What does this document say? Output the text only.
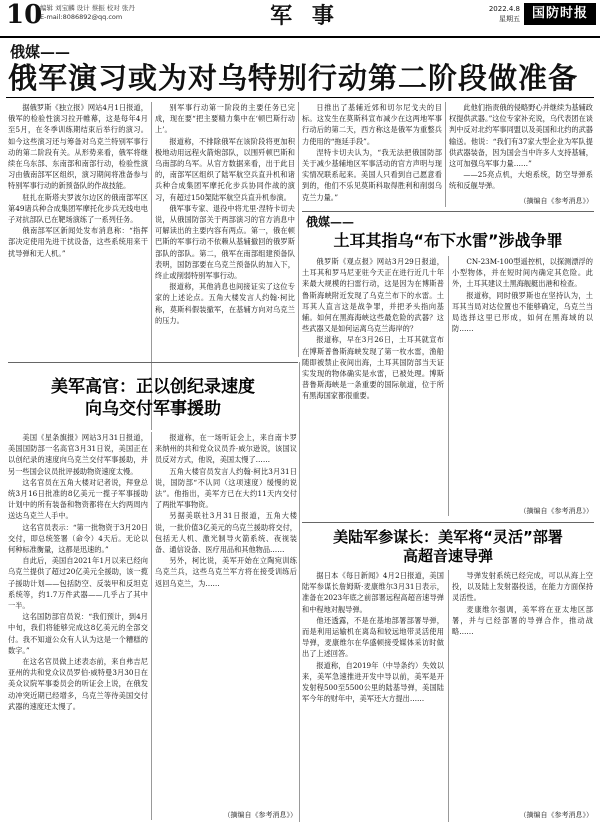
10
编辑 刘宝麟 设计 蔡振 校对 张丹
E-mail:8086892@qq.com	军 事	2022.4.8
星期五 国防时报
俄媒——
俄军演习或为对乌特别行动第二阶段做准备

据俄罗斯《独立报》网站4月1日报道，俄军的检验性演习拉开帷幕，这是每年4月至5月，在冬季训练期结束后举行的演习。如今这些演习还与筹备对乌克兰特别军事行动的第二阶段有关。从形势来看，俄军将继续在乌东部、东南部和南部行动，检验性演习由俄南部军区组织，演习期间将准备参与特别军事行动的新预备队的作战技能。

驻扎在斯塔夫罗波尔边区的俄南部军区第49诸兵种合成集团军摩托化步兵无线电电子对抗部队已在靶场演练了一系列任务。

俄南部军区新闻处发布消息称：“指挥部决定使用先进干扰设备，这些系统用来干扰导弹和无人机。”

别军事行动第一阶段的主要任务已完成，现在要“把主要精力集中在‘顿巴斯行动上’。

报道称，不排除俄军在该阶段将更加积极地动用远程火箭炮部队，以围歼顿巴斯和乌南部的乌军。从官方数据来看，出于此目的，南部军区组织了陆军航空兵直升机和诸兵种合成集团军摩托化步兵协同作战的演习，有超过150架陆军航空兵直升机参演。

俄军事专家、退役中将尤里·涅特卡切夫说，从俄国防部关于两部演习的官方消息中可解读出的主要内容有两点。第一，俄在顿巴斯的军事行动不依赖从基辅撤回的俄罗斯部队的部队。第二，俄军在南部组建预备队表明，国防部要在乌克兰预备队的加入下，终止或削弱特别军事行动。

报道称，其他消息也间接证实了这位专家的上述论点。五角大楼发言人约翰·柯比称，莫斯科假装撤军，在基辅方向对乌克兰的压力。

日推出了基辅近郊和切尔尼戈夫的目标。这发生在莫斯科宣布减少在这两地军事行动后的第二天，西方称这是俄军为重整兵力使用的“拖延手段”。

涅特卡切夫认为，“我无法把俄国防部关于减少基辅地区军事活动的官方声明与现实情况联系起来。美国人只看到自己愿意看到的，他们不乐见莫斯科取得胜利和削弱乌克兰力量。”

此他们指责俄的侵略野心并继续为基辅政权提供武器。”这位专家补充说，乌代表团在谈判中反对北约军事同盟以及美国和北约的武器输送。他说：“我们有37家大型企业为军队提供武器装备，因为国会当中许多人支持基辅，这可加强乌军事力量……”

——25亮点机，大炮系统，防空导弹系统和反舰导弹。

（摘编自《参考消息》）
俄媒——
土耳其指乌“布下水雷”涉战争罪

俄罗斯《观点报》网站3月29日报道，土耳其和罗马尼亚驻今天正在进行近几十年来最大规模的扫雷行动，这是因为在博斯普鲁斯海峡附近发现了乌克兰布下的水雷。土耳其人直言这是战争罪，并把矛头指向基辅。如何在黑海海峡这些最危险的武器？这些武器又是如何运离乌克兰海岸的？

报道称，早在3月26日，土耳其就宣布在博斯普鲁斯海峡发现了第一枚水雷，渔船随即被禁止夜间出海，土耳其国防部当天证实发现的物体确实是水雷，已被处理。博斯普鲁斯海峡是一条重要的国际航道，位于所有黑海国家都很重要。

CN-23M-100型遥控机，以探测漂浮的小型物体，并在短时间内确定其危险。此外，土耳其建议土黑海舰艇出港和检查。

报道称，同时俄罗斯也在坚持认为，土耳其当局对达位置也不能够确定，乌克兰当局选择这里已形成，如何在黑海域的以防……

（摘编自《参考消息》）
美军高官：正以创纪录速度
向乌交付军事援助

美国《星条旗报》网站3月31日报道，美国国防部一名高官3月31日说，美国正在以创纪录的速度向乌克兰交付军事援助，并另一些国会议员批评援助物资速度太慢。

这名官员在五角大楼对记者说，拜登总统3月16日批准的8亿美元一揽子军事援助计划中的所有装备和物资都将在大约两周内送达乌克兰人手中。

这名官员表示：“第一批物资于3月20日交付，即总统签署（命令）4天后。无论以何种标准衡量，这都是迅速的。”

自此后，美国自2021年1月以来已经向乌克兰提供了超过20亿美元全援助，该一揽子援助计划——包括防空、反装甲和反坦克系统等，约1.7万件武器——几乎占了其中一半。

这名国防部官员说：“我们预计，到4月中旬，我们将能够完成这8亿美元的全部交付。我不知道公众有人认为这是一个糟糕的数字。”

在这名官员做上述表态前，来自弗吉尼亚州的共和党众议员罗伯·威特曼3月30日在美众议院军事委员会的听证会上说，在俄发动冲突近期已经增多，乌克兰等待美国交付武器的速度还太慢了。

报道称，在一场听证会上，来自南卡罗来纳州的共和党众议员乔·威尔逊说，该国议员反对方式，他说，美国太慢了……

五角大楼官员发言人约翰·柯比3月31日说，国防部“不认同（这项速度）缓慢的说法”。他指出，美军方已在大约11天内交付了两批军事物资。

另据美联社3月31日报道，五角大楼说，一批价值3亿美元的乌克兰援助将交付，包括无人机、激光制导火箭系统、夜视装备、通信设备、医疗用品和其他物品……

另外，柯比说，美军开始在立陶宛训练乌克兰兵，这些乌克兰军方将在接受训练后返回乌克兰，为……

（摘编自《参考消息》）
美陆军参谋长：美军将“灵活”部署
高超音速导弹

据日本《每日新闻》4月2日报道，美国陆军参谋长詹姆斯·麦康维尔3月31日表示，准备在2023年底之前部署远程高超音速导弹和中程地对舰导弹。

他还透露，不是在基地部署部署导弹，而是利用运输机在离岛和较远地带灵活使用导弹，麦康维尔在华盛顿接受媒体采访时做出了上述回答。

报道称，自2019年（中导条约）失效以来，美军急速推进开发中导以前，美军是开发射程500至5500公里的陆基导弹，美国陆军今年的财年中，美军还大方提出……

导弹发射系统已经完成，可以从海上空投，以及陆上发射器投送，在能力方面保持灵活性。

麦康维尔强调，美军将在亚太地区部署，并与已经部署的导弹合作，推动战略……

（摘编自《参考消息》）
